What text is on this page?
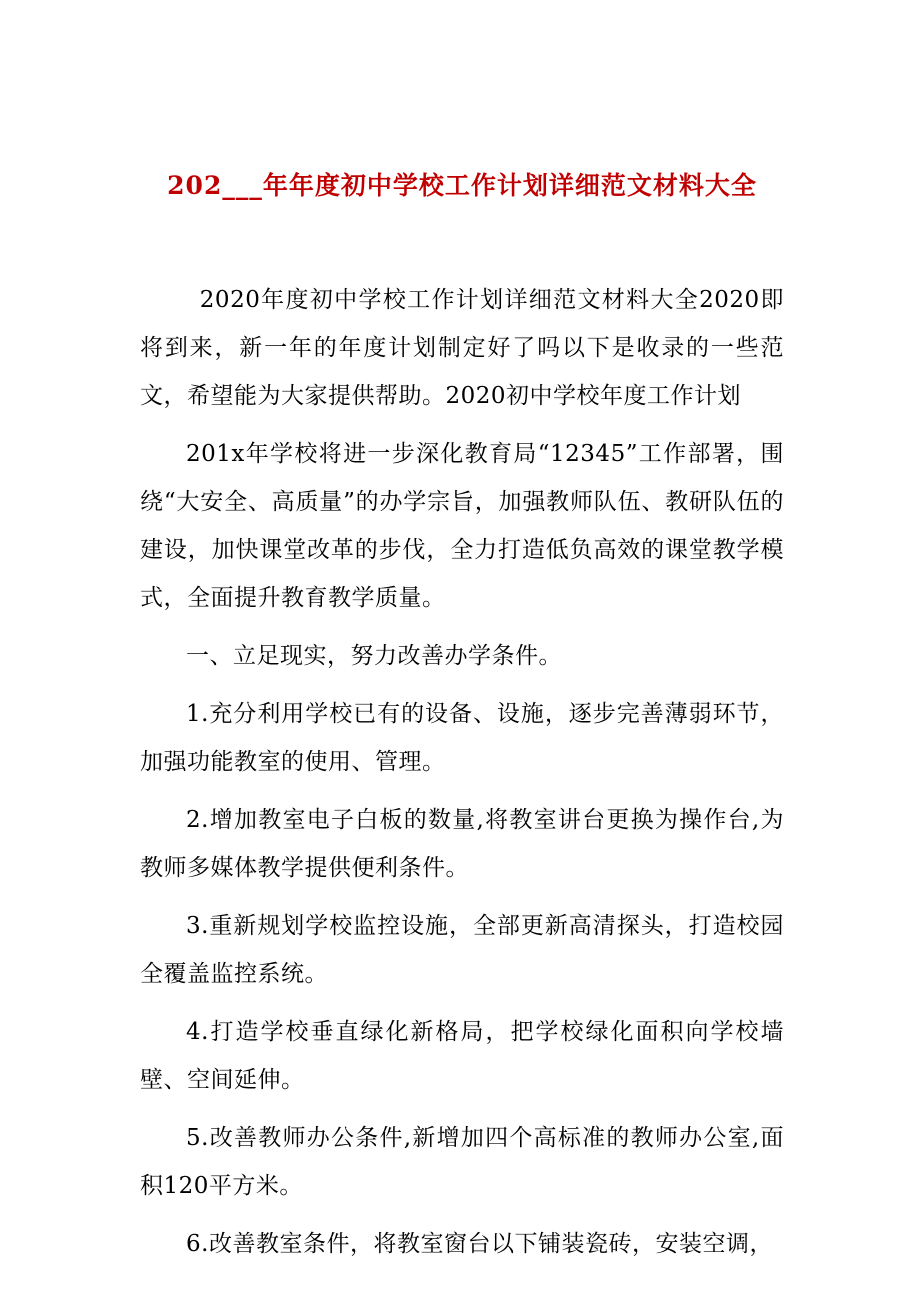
202___年年度初中学校工作计划详细范文材料大全

2020年度初中学校工作计划详细范文材料大全2020即将到来，新一年的年度计划制定好了吗以下是收录的一些范文，希望能为大家提供帮助。2020初中学校年度工作计划

201x年学校将进一步深化教育局“12345”工作部署，围绕“大安全、高质量”的办学宗旨，加强教师队伍、教研队伍的建设，加快课堂改革的步伐，全力打造低负高效的课堂教学模式，全面提升教育教学质量。

一、立足现实，努力改善办学条件。

1.充分利用学校已有的设备、设施，逐步完善薄弱环节，加强功能教室的使用、管理。

2.增加教室电子白板的数量,将教室讲台更换为操作台,为教师多媒体教学提供便利条件。

3.重新规划学校监控设施，全部更新高清探头，打造校园全覆盖监控系统。

4.打造学校垂直绿化新格局，把学校绿化面积向学校墙壁、空间延伸。

5.改善教师办公条件,新增加四个高标准的教师办公室,面积120平方米。

6.改善教室条件，将教室窗台以下铺装瓷砖，安装空调，
